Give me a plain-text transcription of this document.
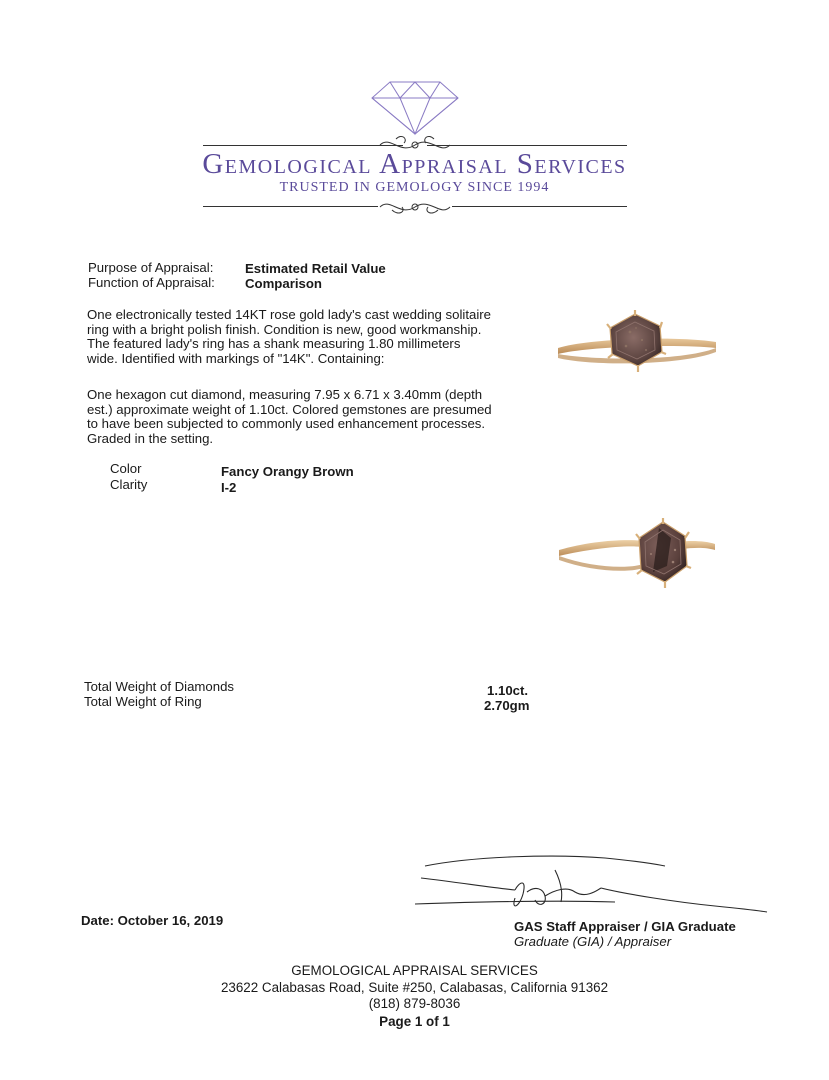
Gemological Appraisal Services
TRUSTED IN GEMOLOGY SINCE 1994
Purpose of Appraisal: Estimated Retail Value
Function of Appraisal: Comparison
One electronically tested 14KT rose gold lady's cast wedding solitaire
ring with a bright polish finish. Condition is new, good workmanship.
The featured lady's ring has a shank measuring 1.80 millimeters
wide. Identified with markings of "14K". Containing:
One hexagon cut diamond, measuring 7.95 x 6.71 x 3.40mm (depth
est.) approximate weight of 1.10ct. Colored gemstones are presumed
to have been subjected to commonly used enhancement processes.
Graded in the setting.
Color	Fancy Orangy Brown
Clarity	I-2
Total Weight of Diamonds	1.10ct.
Total Weight of Ring	2.70gm
Date: October 16, 2019	GAS Staff Appraiser / GIA Graduate
Graduate (GIA) / Appraiser
GEMOLOGICAL APPRAISAL SERVICES
23622 Calabasas Road, Suite #250, Calabasas, California 91362
(818) 879-8036
Page 1 of 1
